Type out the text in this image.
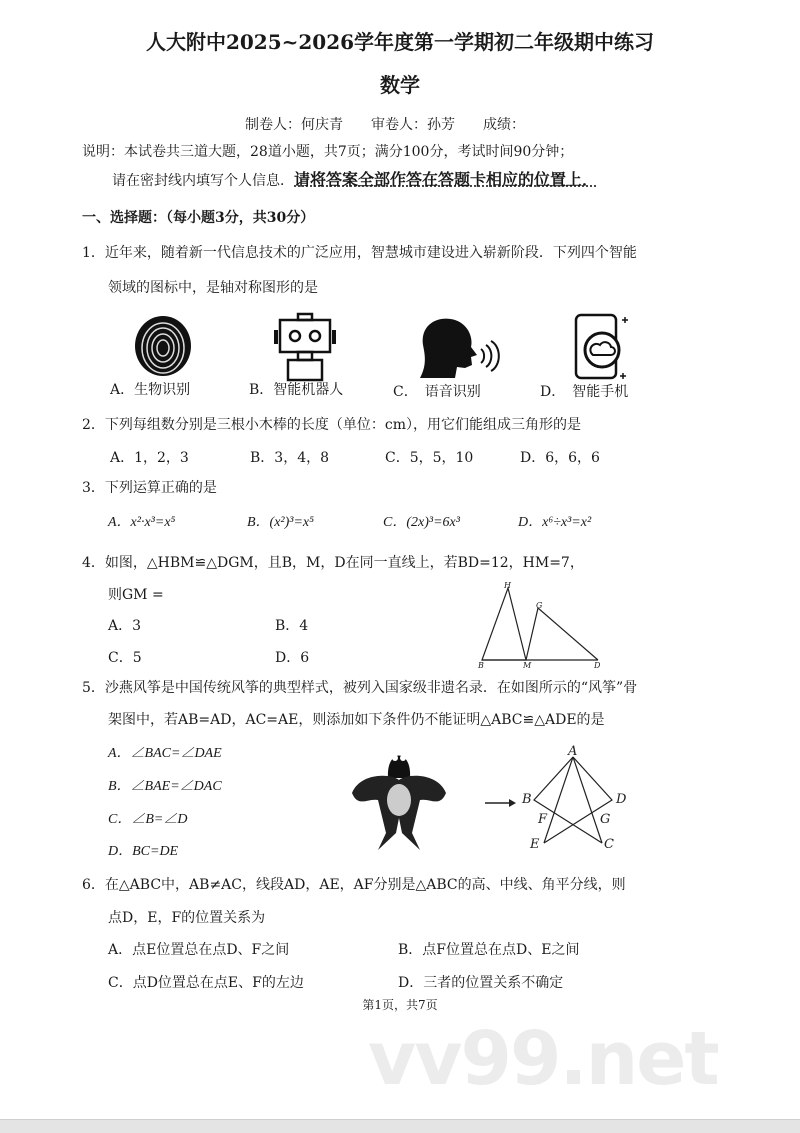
人大附中2025~2026学年度第一学期初二年级期中练习
数学
制卷人：何庆青　　审卷人：孙芳　　成绩：
说明：本试卷共三道大题，28道小题，共7页；满分100分，考试时间90分钟；
请在密封线内填写个人信息．请将答案全部作答在答题卡相应的位置上．
一、选择题：（每小题3分，共30分）
1．近年来，随着新一代信息技术的广泛应用，智慧城市建设进入崭新阶段．下列四个智能
领域的图标中，是轴对称图形的是
A．生物识别	B．智能机器人	C．　语音识别	D．　智能手机
2．下列每组数分别是三根小木棒的长度（单位：cm），用它们能组成三角形的是
A．1，2，3	B．3，4，8	C．5，5，10	D．6，6，6
3．下列运算正确的是
A．x²·x³=x⁵	B．(x²)³=x⁵	C．(2x)³=6x³	D．x⁶÷x³=x²
4．如图，△HBM≌△DGM，且B，M，D在同一直线上，若BD=12，HM=7，
则GM =
A．3	B．4
C．5	D．6
H
G
B	M	D
5．沙燕风筝是中国传统风筝的典型样式，被列入国家级非遗名录．在如图所示的“风筝”骨
架图中，若AB=AD，AC=AE，则添加如下条件仍不能证明△ABC≌△ADE的是
A．∠BAC=∠DAE
B．∠BAE=∠DAC
C．∠B=∠D
D．BC=DE
A
B	D
F	G
E	C
6．在△ABC中，AB≠AC，线段AD，AE，AF分别是△ABC的高、中线、角平分线，则
点D，E，F的位置关系为
A．点E位置总在点D、F之间	B．点F位置总在点D、E之间
C．点D位置总在点E、F的左边	D．三者的位置关系不确定
第1页，共7页
vv99.net
